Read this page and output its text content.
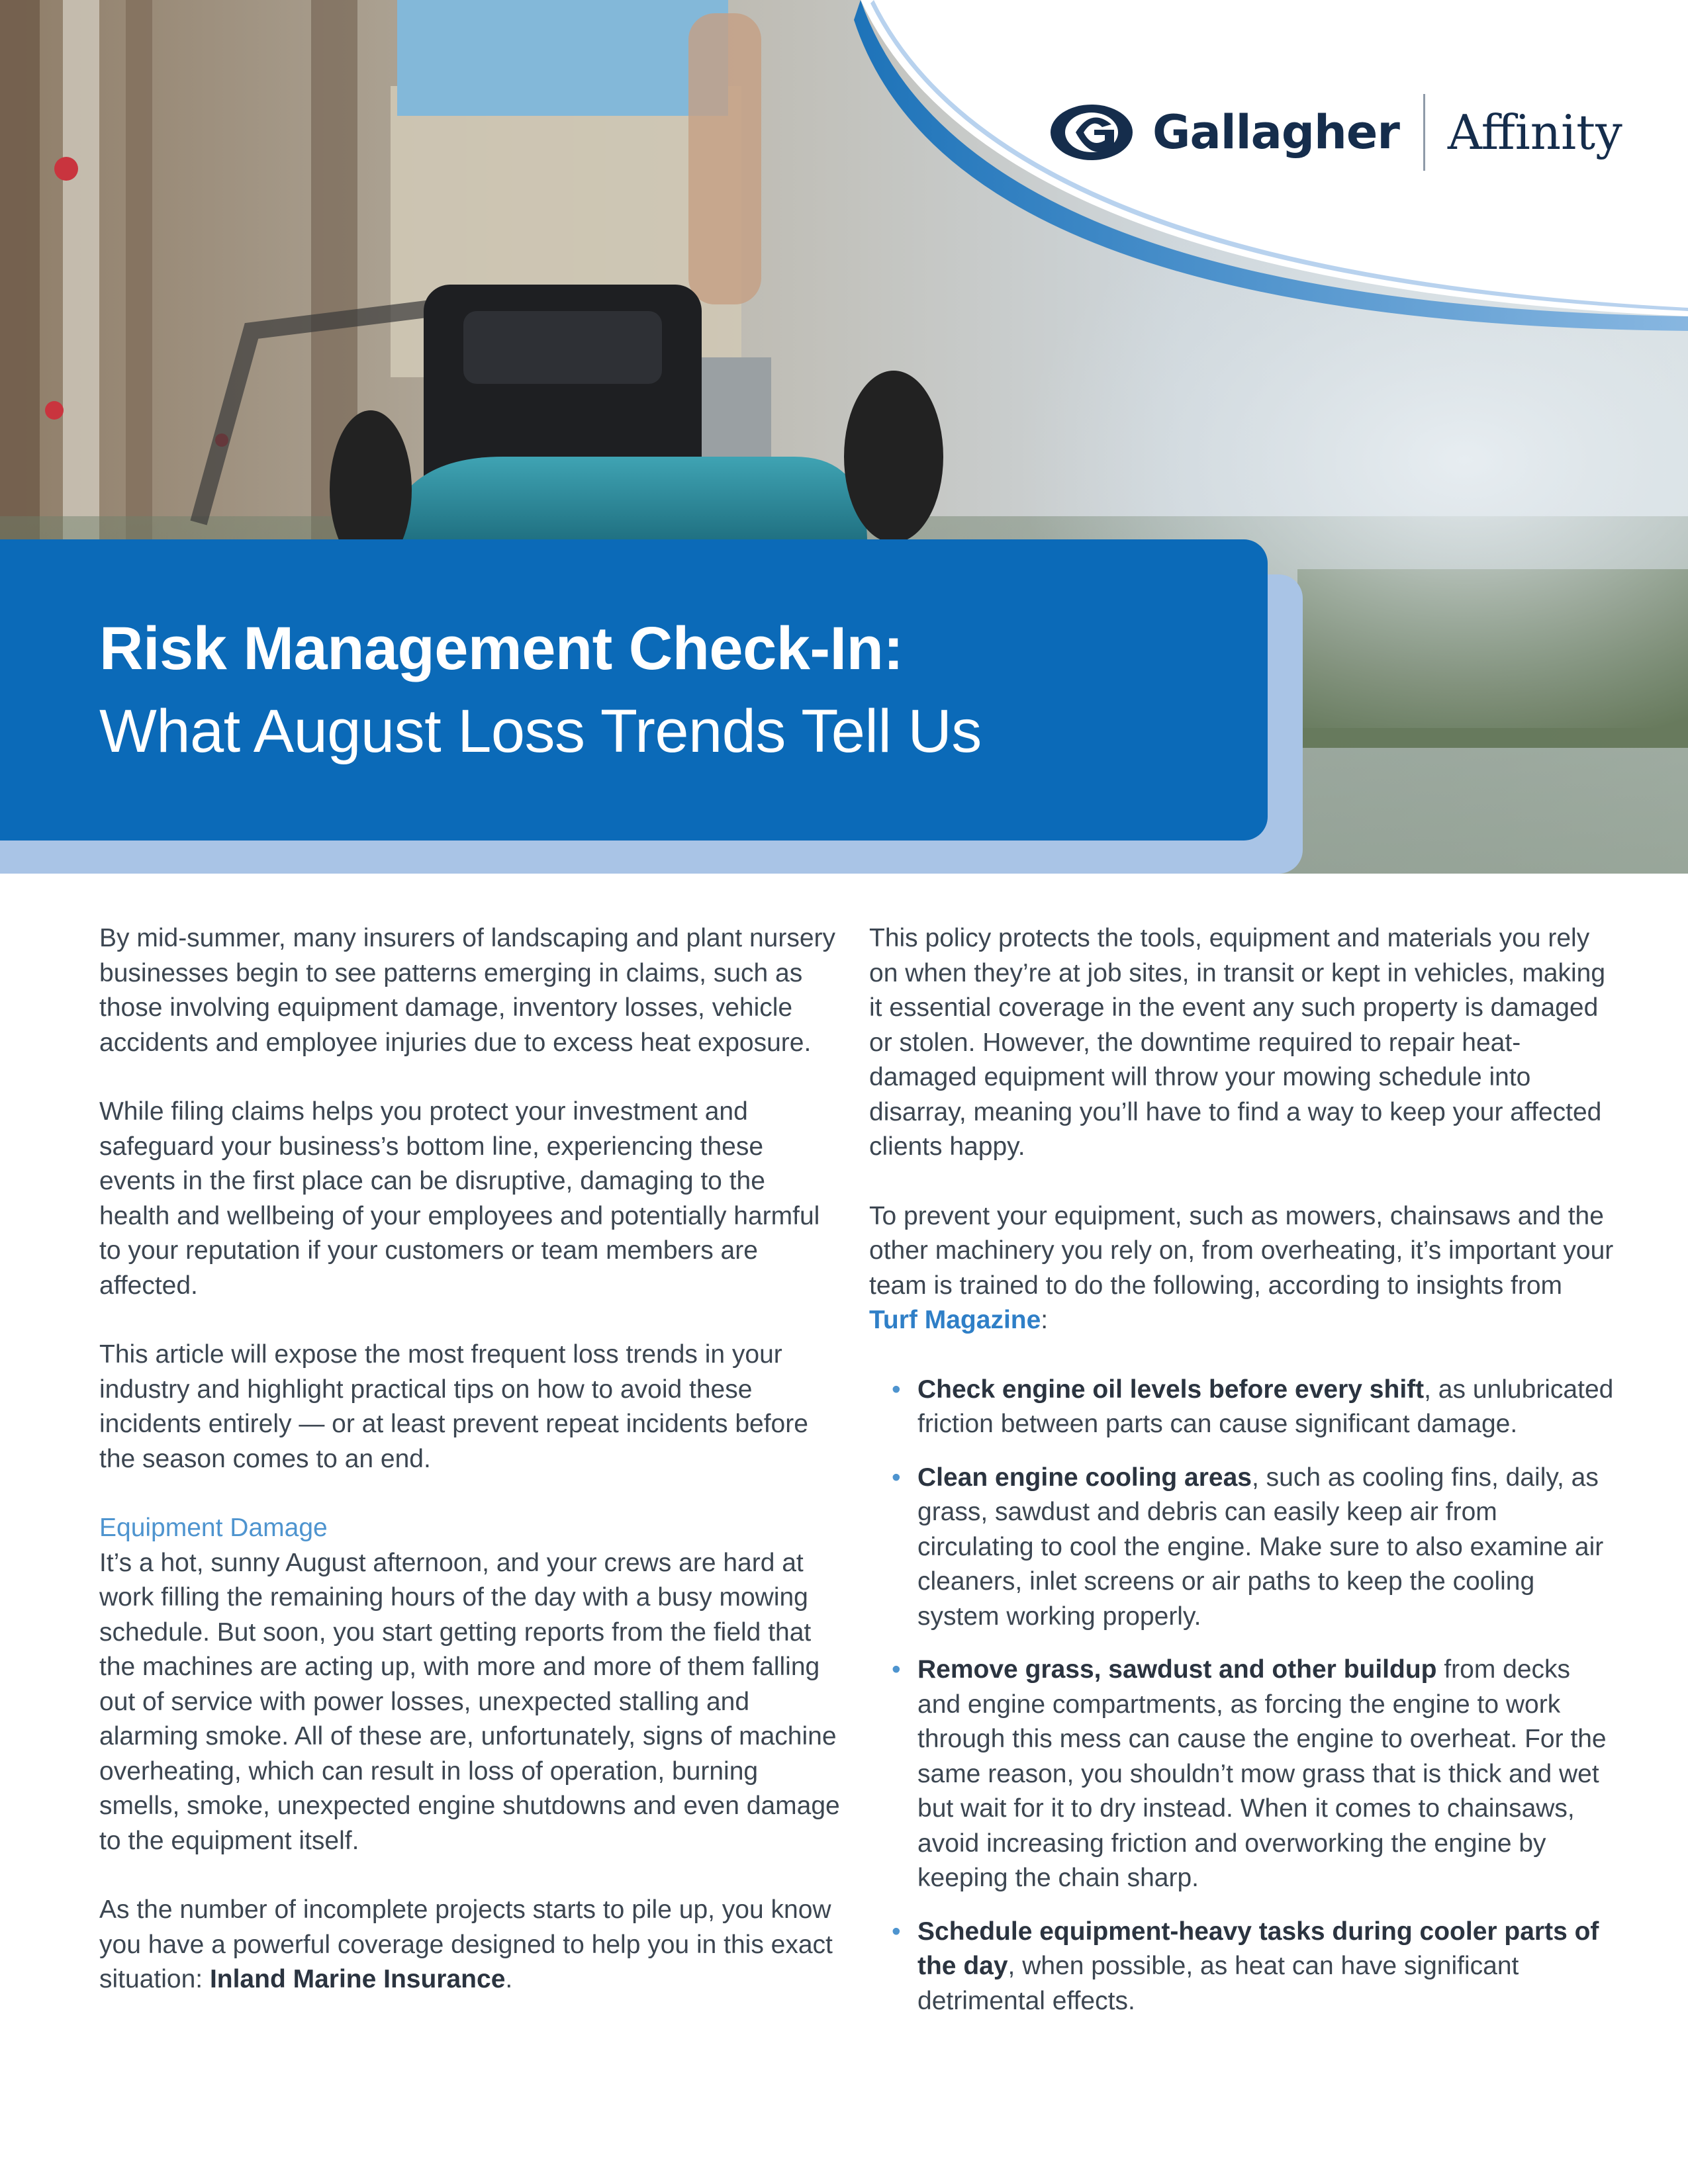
Gallagher Affinity
Risk Management Check-In:
What August Loss Trends Tell Us

By mid-summer, many insurers of landscaping and plant nursery businesses begin to see patterns emerging in claims, such as those involving equipment damage, inventory losses, vehicle accidents and employee injuries due to excess heat exposure.

While filing claims helps you protect your investment and safeguard your business’s bottom line, experiencing these events in the first place can be disruptive, damaging to the health and wellbeing of your employees and potentially harmful to your reputation if your customers or team members are affected.

This article will expose the most frequent loss trends in your industry and highlight practical tips on how to avoid these incidents entirely — or at least prevent repeat incidents before the season comes to an end.

Equipment Damage
It’s a hot, sunny August afternoon, and your crews are hard at work filling the remaining hours of the day with a busy mowing schedule. But soon, you start getting reports from the field that the machines are acting up, with more and more of them falling out of service with power losses, unexpected stalling and alarming smoke. All of these are, unfortunately, signs of machine overheating, which can result in loss of operation, burning smells, smoke, unexpected engine shutdowns and even damage to the equipment itself.

As the number of incomplete projects starts to pile up, you know you have a powerful coverage designed to help you in this exact situation: Inland Marine Insurance.

This policy protects the tools, equipment and materials you rely on when they’re at job sites, in transit or kept in vehicles, making it essential coverage in the event any such property is damaged or stolen. However, the downtime required to repair heat-damaged equipment will throw your mowing schedule into disarray, meaning you’ll have to find a way to keep your affected clients happy.

To prevent your equipment, such as mowers, chainsaws and the other machinery you rely on, from overheating, it’s important your team is trained to do the following, according to insights from Turf Magazine:

• Check engine oil levels before every shift, as unlubricated friction between parts can cause significant damage.
• Clean engine cooling areas, such as cooling fins, daily, as grass, sawdust and debris can easily keep air from circulating to cool the engine. Make sure to also examine air cleaners, inlet screens or air paths to keep the cooling system working properly.
• Remove grass, sawdust and other buildup from decks and engine compartments, as forcing the engine to work through this mess can cause the engine to overheat. For the same reason, you shouldn’t mow grass that is thick and wet but wait for it to dry instead. When it comes to chainsaws, avoid increasing friction and overworking the engine by keeping the chain sharp.
• Schedule equipment-heavy tasks during cooler parts of the day, when possible, as heat can have significant detrimental effects.
